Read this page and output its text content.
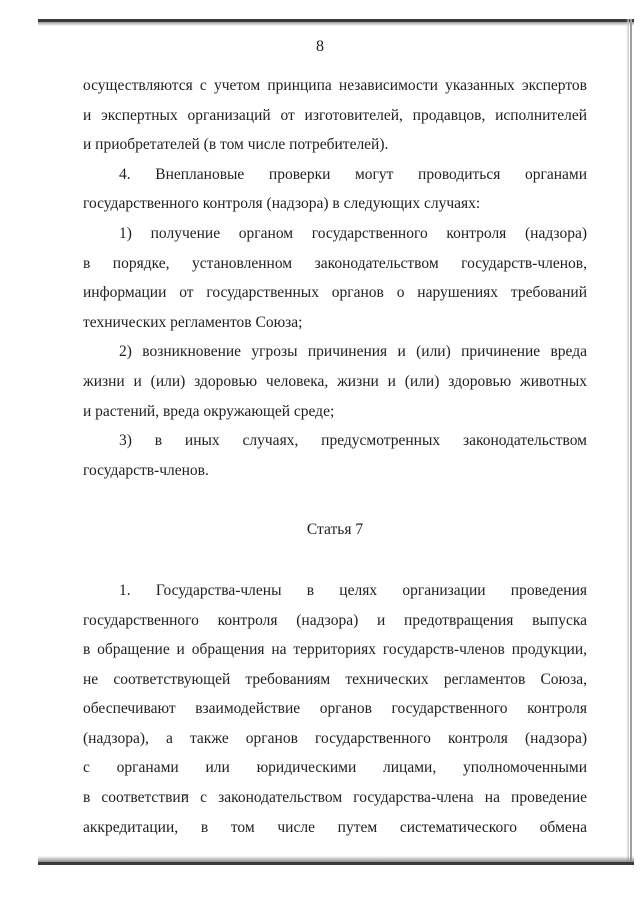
8

осуществляются с учетом принципа независимости указанных экспертов
и экспертных организаций от изготовителей, продавцов, исполнителей
и приобретателей (в том числе потребителей).

4. Внеплановые проверки могут проводиться органами
государственного контроля (надзора) в следующих случаях:

1) получение органом государственного контроля (надзора)
в порядке, установленном законодательством государств-членов,
информации от государственных органов о нарушениях требований
технических регламентов Союза;

2) возникновение угрозы причинения и (или) причинение вреда
жизни и (или) здоровью человека, жизни и (или) здоровью животных
и растений, вреда окружающей среде;

3) в иных случаях, предусмотренных законодательством
государств-членов.

Статья 7

1. Государства-члены в целях организации проведения
государственного контроля (надзора) и предотвращения выпуска
в обращение и обращения на территориях государств-членов продукции,
не соответствующей требованиям технических регламентов Союза,
обеспечивают взаимодействие органов государственного контроля
(надзора), а также органов государственного контроля (надзора)
с органами или юридическими лицами, уполномоченными
в соответствии с законодательством государства-члена на проведение
аккредитации, в том числе путем систематического обмена
